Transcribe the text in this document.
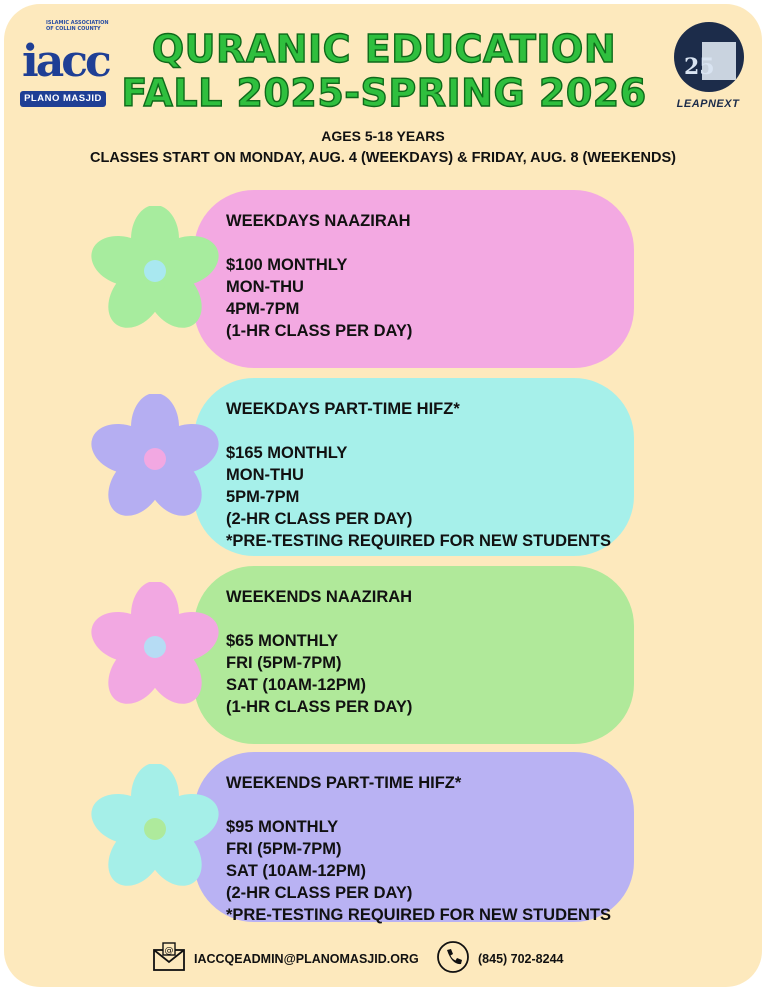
ISLAMIC ASSOCIATION OF COLLIN COUNTY
iacc
PLANO MASJID
QURANIC EDUCATION
FALL 2025-SPRING 2026
25
LEAPNEXT
AGES 5-18 YEARS
CLASSES START ON MONDAY, AUG. 4 (WEEKDAYS) & FRIDAY, AUG. 8 (WEEKENDS)
WEEKDAYS NAAZIRAH
$100 MONTHLY
MON-THU
4PM-7PM
(1-HR CLASS PER DAY)
WEEKDAYS PART-TIME HIFZ*
$165 MONTHLY
MON-THU
5PM-7PM
(2-HR CLASS PER DAY)
*PRE-TESTING REQUIRED FOR NEW STUDENTS
WEEKENDS NAAZIRAH
$65 MONTHLY
FRI (5PM-7PM)
SAT (10AM-12PM)
(1-HR CLASS PER DAY)
WEEKENDS PART-TIME HIFZ*
$95 MONTHLY
FRI (5PM-7PM)
SAT (10AM-12PM)
(2-HR CLASS PER DAY)
*PRE-TESTING REQUIRED FOR NEW STUDENTS
@
IACCQEADMIN@PLANOMASJID.ORG	(845) 702-8244
